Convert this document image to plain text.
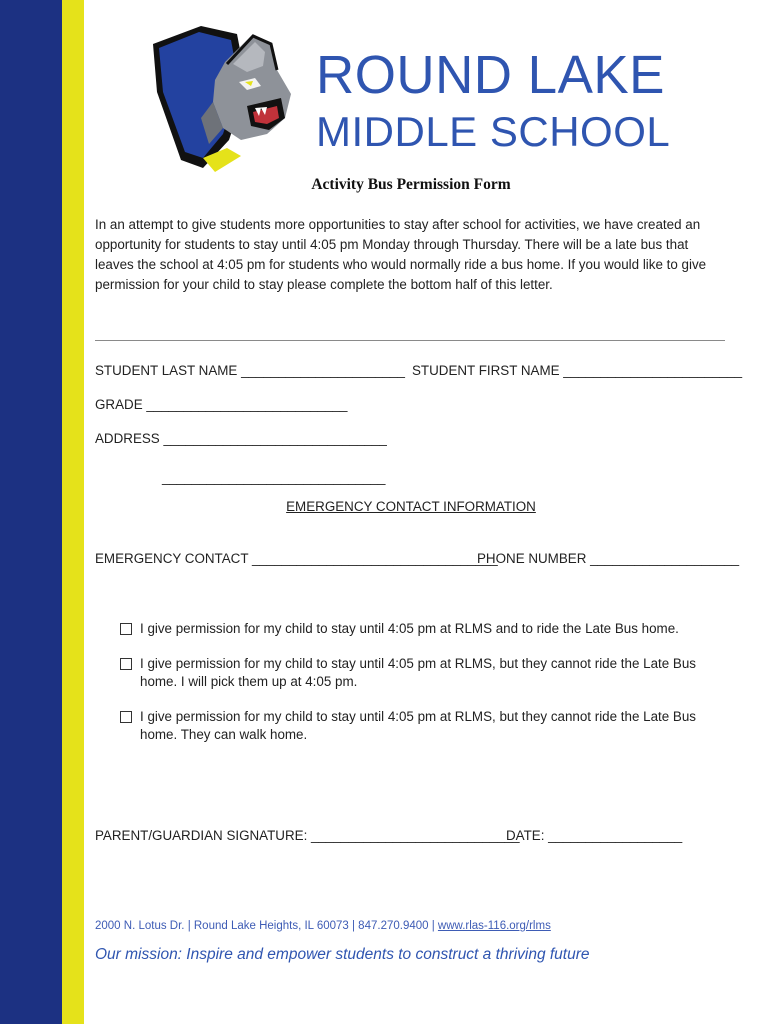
ROUND LAKE
MIDDLE SCHOOL
Activity Bus Permission Form

In an attempt to give students more opportunities to stay after school for activities, we have created an opportunity for students to stay until 4:05 pm Monday through Thursday. There will be a late bus that leaves the school at 4:05 pm for students who would normally ride a bus home. If you would like to give permission for your child to stay please complete the bottom half of this letter.

STUDENT LAST NAME ______________________ STUDENT FIRST NAME ________________________
GRADE ___________________________
ADDRESS ______________________________
______________________________
EMERGENCY CONTACT INFORMATION
EMERGENCY CONTACT _________________________________
PHONE NUMBER ____________________
I give permission for my child to stay until 4:05 pm at RLMS and to ride the Late Bus home.
I give permission for my child to stay until 4:05 pm at RLMS, but they cannot ride the Late Bus home. I will pick them up at 4:05 pm.
I give permission for my child to stay until 4:05 pm at RLMS, but they cannot ride the Late Bus home. They can walk home.
PARENT/GUARDIAN SIGNATURE: ____________________________
DATE: __________________
2000 N. Lotus Dr. | Round Lake Heights, IL 60073 | 847.270.9400 | www.rlas-116.org/rlms
Our mission: Inspire and empower students to construct a thriving future
